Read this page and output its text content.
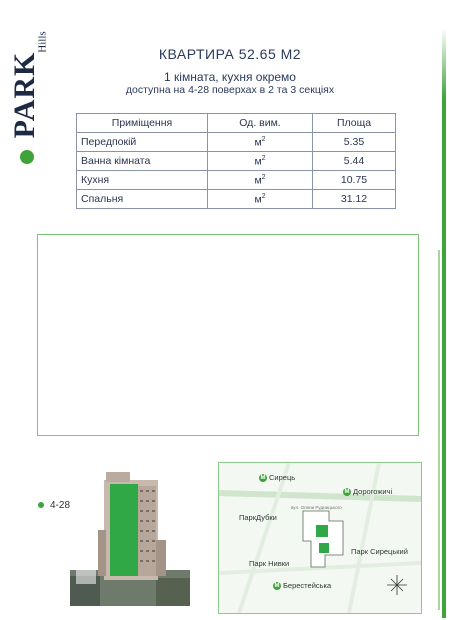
Hills
PARK	КВАРТИРА 52.65 М2
1 кімната, кухня окремо
доступна на 4-28 поверхах в 2 та 3 секціях
Приміщення	Од. вим.	Площа
Передпокій	$м^2$	5.35
Ванна кімната	$м^2$	5.44
Кухня	$м^2$	10.75
Спальня	$м^2$	31.12
4-28
М Сирець
М Дорогожичі
ПаркДубки
вул. Олени Рудницького
Парк Сирецький
Парк Нивки
М Берестейська
